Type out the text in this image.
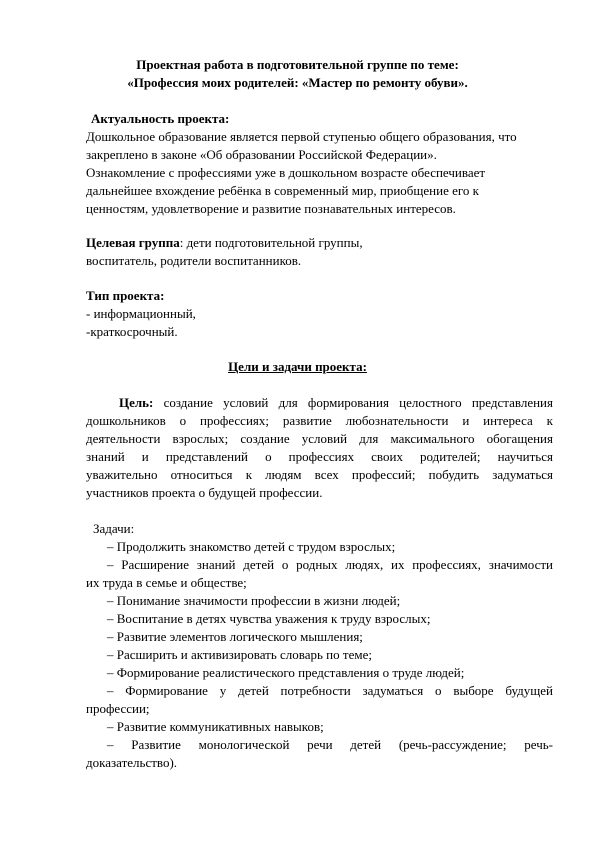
Проектная работа в подготовительной группе по теме:
«Профессия моих родителей: «Мастер по ремонту обуви».
Актуальность проекта:
Дошкольное образование является первой ступенью общего образования, что
закреплено в законе «Об образовании Российской Федерации».
Ознакомление с профессиями уже в дошкольном возрасте обеспечивает
дальнейшее вхождение ребёнка в современный мир, приобщение его к
ценностям, удовлетворение и развитие познавательных интересов.
Целевая группа: дети подготовительной группы,
воспитатель, родители воспитанников.
Тип проекта:
- информационный,
-краткосрочный.
Цели и задачи проекта:
Цель: создание условий для формирования целостного представления
дошкольников о профессиях; развитие любознательности и интереса к
деятельности взрослых; создание условий для максимального обогащения
знаний и представлений о профессиях своих родителей; научиться
уважительно относиться к людям всех профессий; побудить задуматься
участников проекта о будущей профессии.
Задачи:
– Продолжить знакомство детей с трудом взрослых;
– Расширение знаний детей о родных людях, их профессиях, значимости
их труда в семье и обществе;
– Понимание значимости профессии в жизни людей;
– Воспитание в детях чувства уважения к труду взрослых;
– Развитие элементов логического мышления;
– Расширить и активизировать словарь по теме;
– Формирование реалистического представления о труде людей;
– Формирование у детей потребности задуматься о выборе будущей
профессии;
– Развитие коммуникативных навыков;
– Развитие монологической речи детей (речь-рассуждение; речь-
доказательство).
